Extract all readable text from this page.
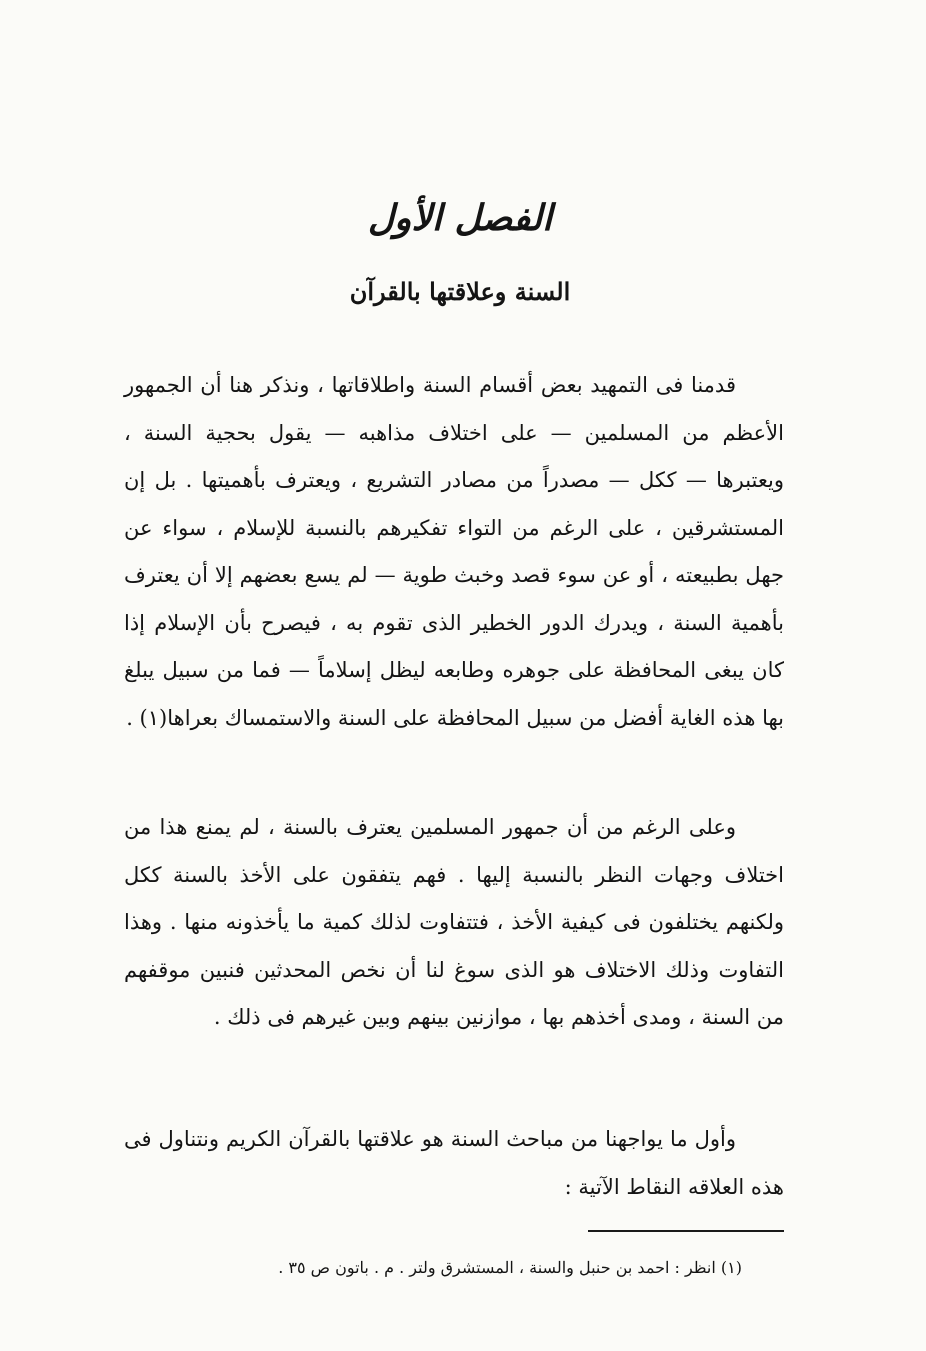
الفصل الأول
السنة وعلاقتها بالقرآن

قدمنا فى التمهيد بعض أقسام السنة واطلاقاتها ، ونذكر هنا أن الجمهور الأعظم من المسلمين — على اختلاف مذاهبه — يقول بحجية السنة ، ويعتبرها — ككل — مصدراً من مصادر التشريع ، ويعترف بأهميتها . بل إن المستشرقين ، على الرغم من التواء تفكيرهم بالنسبة للإسلام ، سواء عن جهل بطبيعته ، أو عن سوء قصد وخبث طوية — لم يسع بعضهم إلا أن يعترف بأهمية السنة ، ويدرك الدور الخطير الذى تقوم به ، فيصرح بأن الإسلام إذا كان يبغى المحافظة على جوهره وطابعه ليظل إسلاماً — فما من سبيل يبلغ بها هذه الغاية أفضل من سبيل المحافظة على السنة والاستمساك بعراها(١) .

وعلى الرغم من أن جمهور المسلمين يعترف بالسنة ، لم يمنع هذا من اختلاف وجهات النظر بالنسبة إليها . فهم يتفقون على الأخذ بالسنة ككل ولكنهم يختلفون فى كيفية الأخذ ، فتتفاوت لذلك كمية ما يأخذونه منها . وهذا التفاوت وذلك الاختلاف هو الذى سوغ لنا أن نخص المحدثين فنبين موقفهم من السنة ، ومدى أخذهم بها ، موازنين بينهم وبين غيرهم فى ذلك .

وأول ما يواجهنا من مباحث السنة هو علاقتها بالقرآن الكريم ونتناول فى هذه العلاقه النقاط الآتية :

(١) انظر : احمد بن حنبل والسنة ، المستشرق ولتر . م . باتون ص ٣٥ .
